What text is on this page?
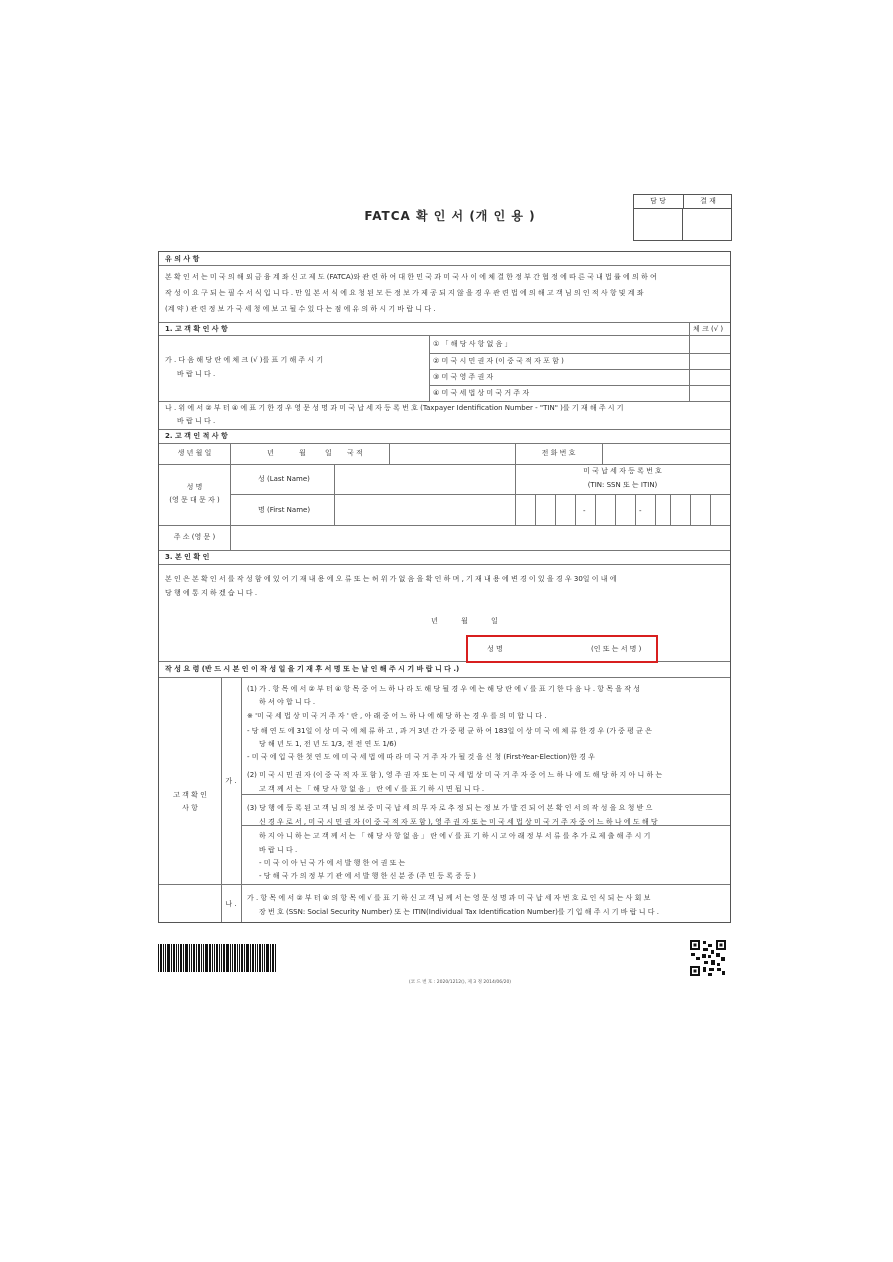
담 당	결 재
FATCA 확 인 서 (개 인 용 )
유 의 사 항
본 확 인 서 는 미 국 의 해 외 금 융 계 좌 신 고 제 도 (FATCA)와 관 련 하 여 대 한 민 국 과 미 국 사 이 에 체 결 한 정 부 간 협 정 에 따 른 국 내 법 률 에 의 하 여
작 성 이 요 구 되 는 필 수 서 식 입 니 다 . 만 일 본 서 식 에 요 청 된 모 든 정 보 가 제 공 되 지 않 을 경 우 관 련 법 에 의 해 고 객 님 의 인 적 사 항 및 계 좌
(계 약 ) 관 련 정 보 가 국 세 청 에 보 고 될 수 있 다 는 점 에 유 의 하 시 기 바 랍 니 다 .
1. 고 객 확 인 사 항	체 크 (√ )
가 . 다 음 해 당 란 에 체 크 (√ )를 표 기 해 주 시 기
바 랍 니 다 .
① 「 해 당 사 항 없 음 」
② 미 국 시 민 권 자 (이 중 국 적 자 포 함 )
③ 미 국 영 주 권 자
④ 미 국 세 법 상 미 국 거 주 자
나 . 위 에 서 ② 부 터 ④ 에 표 기 한 경 우 영 문 성 명 과 미 국 납 세 자 등 록 번 호 (Taxpayer Identification Number - "TIN" )를 기 재 해 주 시 기
바 랍 니 다 .
2. 고 객 인 적 사 항
생 년 월 일	년	월	일 국 적	전 화 번 호
성 명
(영 문 대 문 자 )
성 (Last Name)
명 (First Name)
미 국 납 세 자 등 록 번 호
(TIN: SSN 또 는 ITIN)
-	-
주 소 (영 문 )
3. 본 인 확 인
본 인 은 본 확 인 서 를 작 성 함 에 있 어 기 재 내 용 에 오 류 또 는 허 위 가 없 음 을 확 인 하 며 , 기 재 내 용 에 변 경 이 있 을 경 우 30일 이 내 에
당 행 에 통 지 하 겠 습 니 다 .
년	월	일
성 명	(인 또 는 서 명 )
작 성 요 령 (반 드 시 본 인 이 작 성 일 을 기 재 후 서 명 또 는 날 인 해 주 시 기 바 랍 니 다 .)
고 객 확 인
사 항
가 .
나 .
(1) 가 . 항 목 에 서 ② 부 터 ④ 항 목 중 어 느 하 나 라 도 해 당 될 경 우 에 는 해 당 란 에 √ 를 표 기 한 다 음 나 . 항 목 을 작 성
하 셔 야 합 니 다 .
※ '미 국 세 법 상 미 국 거 주 자 ' 란 , 아 래 중 어 느 하 나 에 해 당 하 는 경 우 를 의 미 합 니 다 .
- 당 해 연 도 에 31일 이 상 미 국 에 체 류 하 고 , 과 거 3년 간 가 중 평 균 하 여 183일 이 상 미 국 에 체 류 한 경 우 (가 중 평 균 은
당 해 년 도 1, 전 년 도 1/3, 전 전 연 도 1/6)
- 미 국 에 입 국 한 첫 연 도 에 미 국 세 법 에 따 라 미 국 거 주 자 가 될 것 을 신 청 (First-Year-Election)한 경 우
(2) 미 국 시 민 권 자 (이 중 국 적 자 포 함 ), 영 주 권 자 또 는 미 국 세 법 상 미 국 거 주 자 중 어 느 하 나 에 도 해 당 하 지 아 니 하 는
고 객 께 서 는 「 해 당 사 항 없 음 」 란 에 √ 를 표 기 하 시 면 됩 니 다 .
(3) 당 행 에 등 록 된 고 객 님 의 정 보 중 미 국 납 세 의 무 자 로 추 정 되 는 정 보 가 발 견 되 어 본 확 인 서 의 작 성 을 요 청 받 으
신 경 우 로 서 , 미 국 시 민 권 자 (이 중 국 적 자 포 함 ), 영 주 권 자 또 는 미 국 세 법 상 미 국 거 주 자 중 어 느 하 나 에 도 해 당
하 지 아 니 하 는 고 객 께 서 는 「 해 당 사 항 없 음 」 란 에 √ 를 표 기 하 시 고 아 래 정 부 서 류 를 추 가 로 제 출 해 주 시 기
바 랍 니 다 .
- 미 국 이 아 닌 국 가 에 서 발 행 한 여 권 또 는
- 당 해 국 가 의 정 부 기 관 에 서 발 행 한 신 분 증 (주 민 등 록 증 등 )
가 . 항 목 에 서 ② 부 터 ④ 의 항 목 에 √ 를 표 기 하 신 고 객 님 께 서 는 영 문 성 명 과 미 국 납 세 자 번 호 로 인 식 되 는 사 회 보
장 번 호 (SSN: Social Security Number) 또 는 ITIN(Individual Tax Identification Number)를 기 입 해 주 시 기 바 랍 니 다 .
(코 드 번 호 : 2020/1212(), 제 3 정 2014/06/20)
